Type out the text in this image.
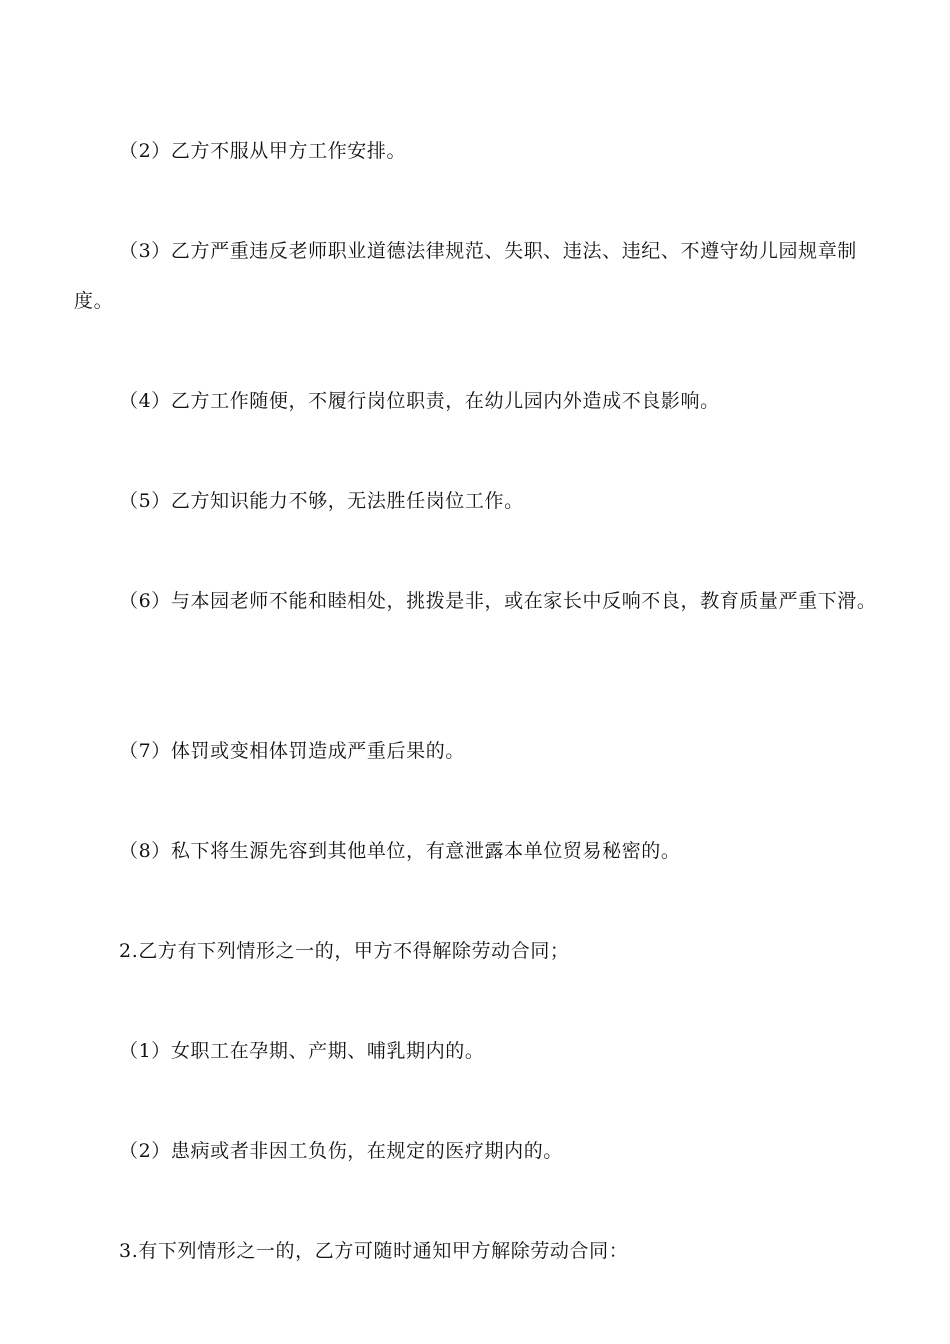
（2）乙方不服从甲方工作安排。

（3）乙方严重违反老师职业道德法律规范、失职、违法、违纪、不遵守幼儿园规章制度。

（4）乙方工作随便，不履行岗位职责，在幼儿园内外造成不良影响。

（5）乙方知识能力不够，无法胜任岗位工作。

（6）与本园老师不能和睦相处，挑拨是非，或在家长中反响不良，教育质量严重下滑。

（7）体罚或变相体罚造成严重后果的。

（8）私下将生源先容到其他单位，有意泄露本单位贸易秘密的。

2.乙方有下列情形之一的，甲方不得解除劳动合同；

（1）女职工在孕期、产期、哺乳期内的。

（2）患病或者非因工负伤，在规定的医疗期内的。

3.有下列情形之一的，乙方可随时通知甲方解除劳动合同：
